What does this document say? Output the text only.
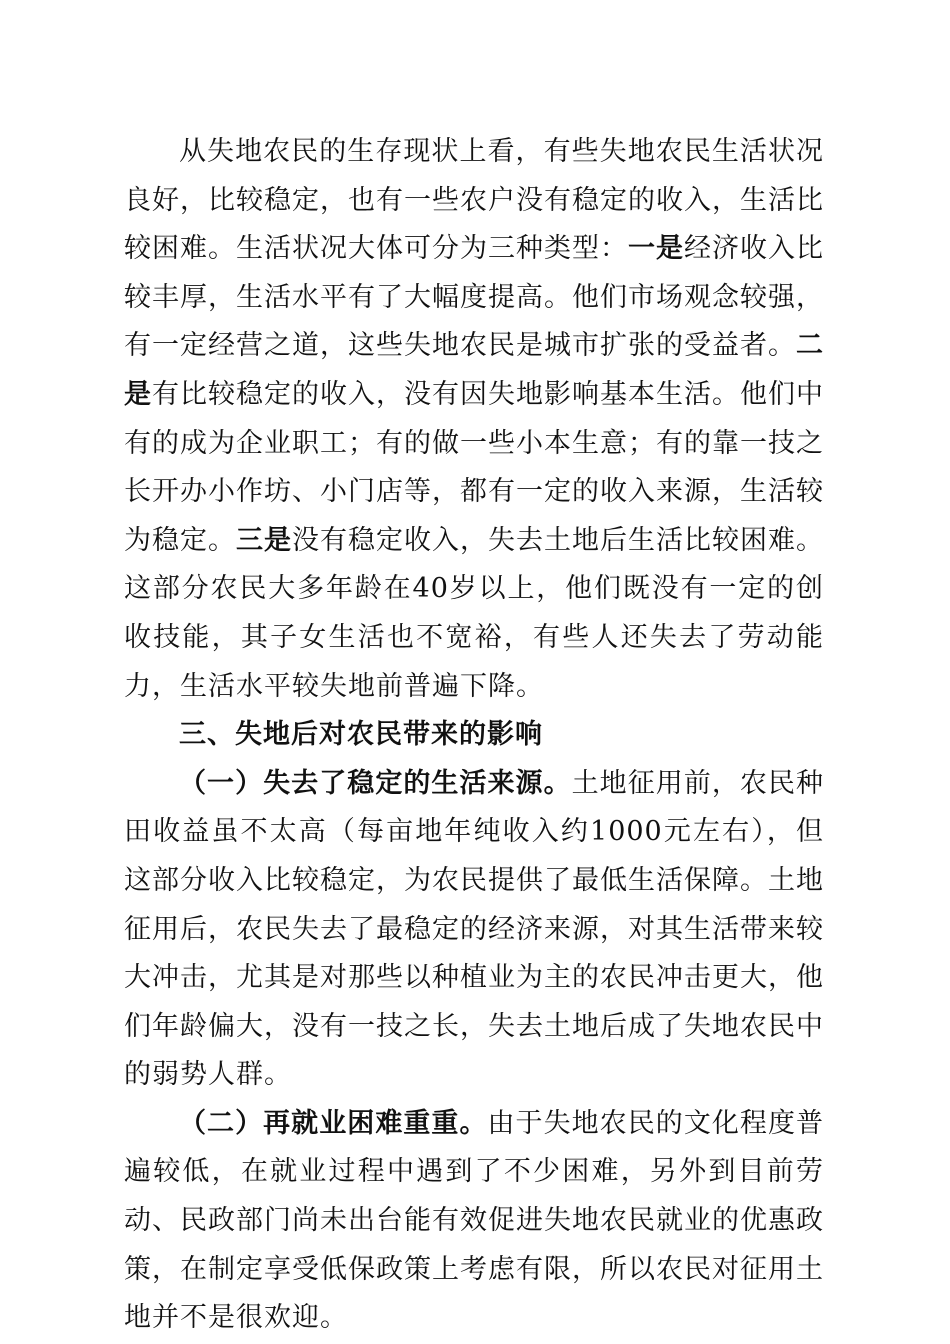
从失地农民的生存现状上看，有些失地农民生活状况良好，比较稳定，也有一些农户没有稳定的收入，生活比较困难。生活状况大体可分为三种类型：一是经济收入比较丰厚，生活水平有了大幅度提高。他们市场观念较强，有一定经营之道，这些失地农民是城市扩张的受益者。二是有比较稳定的收入，没有因失地影响基本生活。他们中有的成为企业职工；有的做一些小本生意；有的靠一技之长开办小作坊、小门店等，都有一定的收入来源，生活较为稳定。三是没有稳定收入，失去土地后生活比较困难。这部分农民大多年龄在40岁以上，他们既没有一定的创收技能，其子女生活也不宽裕，有些人还失去了劳动能力，生活水平较失地前普遍下降。

三、失地后对农民带来的影响

（一）失去了稳定的生活来源。土地征用前，农民种田收益虽不太高（每亩地年纯收入约1000元左右），但这部分收入比较稳定，为农民提供了最低生活保障。土地征用后，农民失去了最稳定的经济来源，对其生活带来较大冲击，尤其是对那些以种植业为主的农民冲击更大，他们年龄偏大，没有一技之长，失去土地后成了失地农民中的弱势人群。

（二）再就业困难重重。由于失地农民的文化程度普遍较低，在就业过程中遇到了不少困难，另外到目前劳动、民政部门尚未出台能有效促进失地农民就业的优惠政策，在制定享受低保政策上考虑有限，所以农民对征用土地并不是很欢迎。
